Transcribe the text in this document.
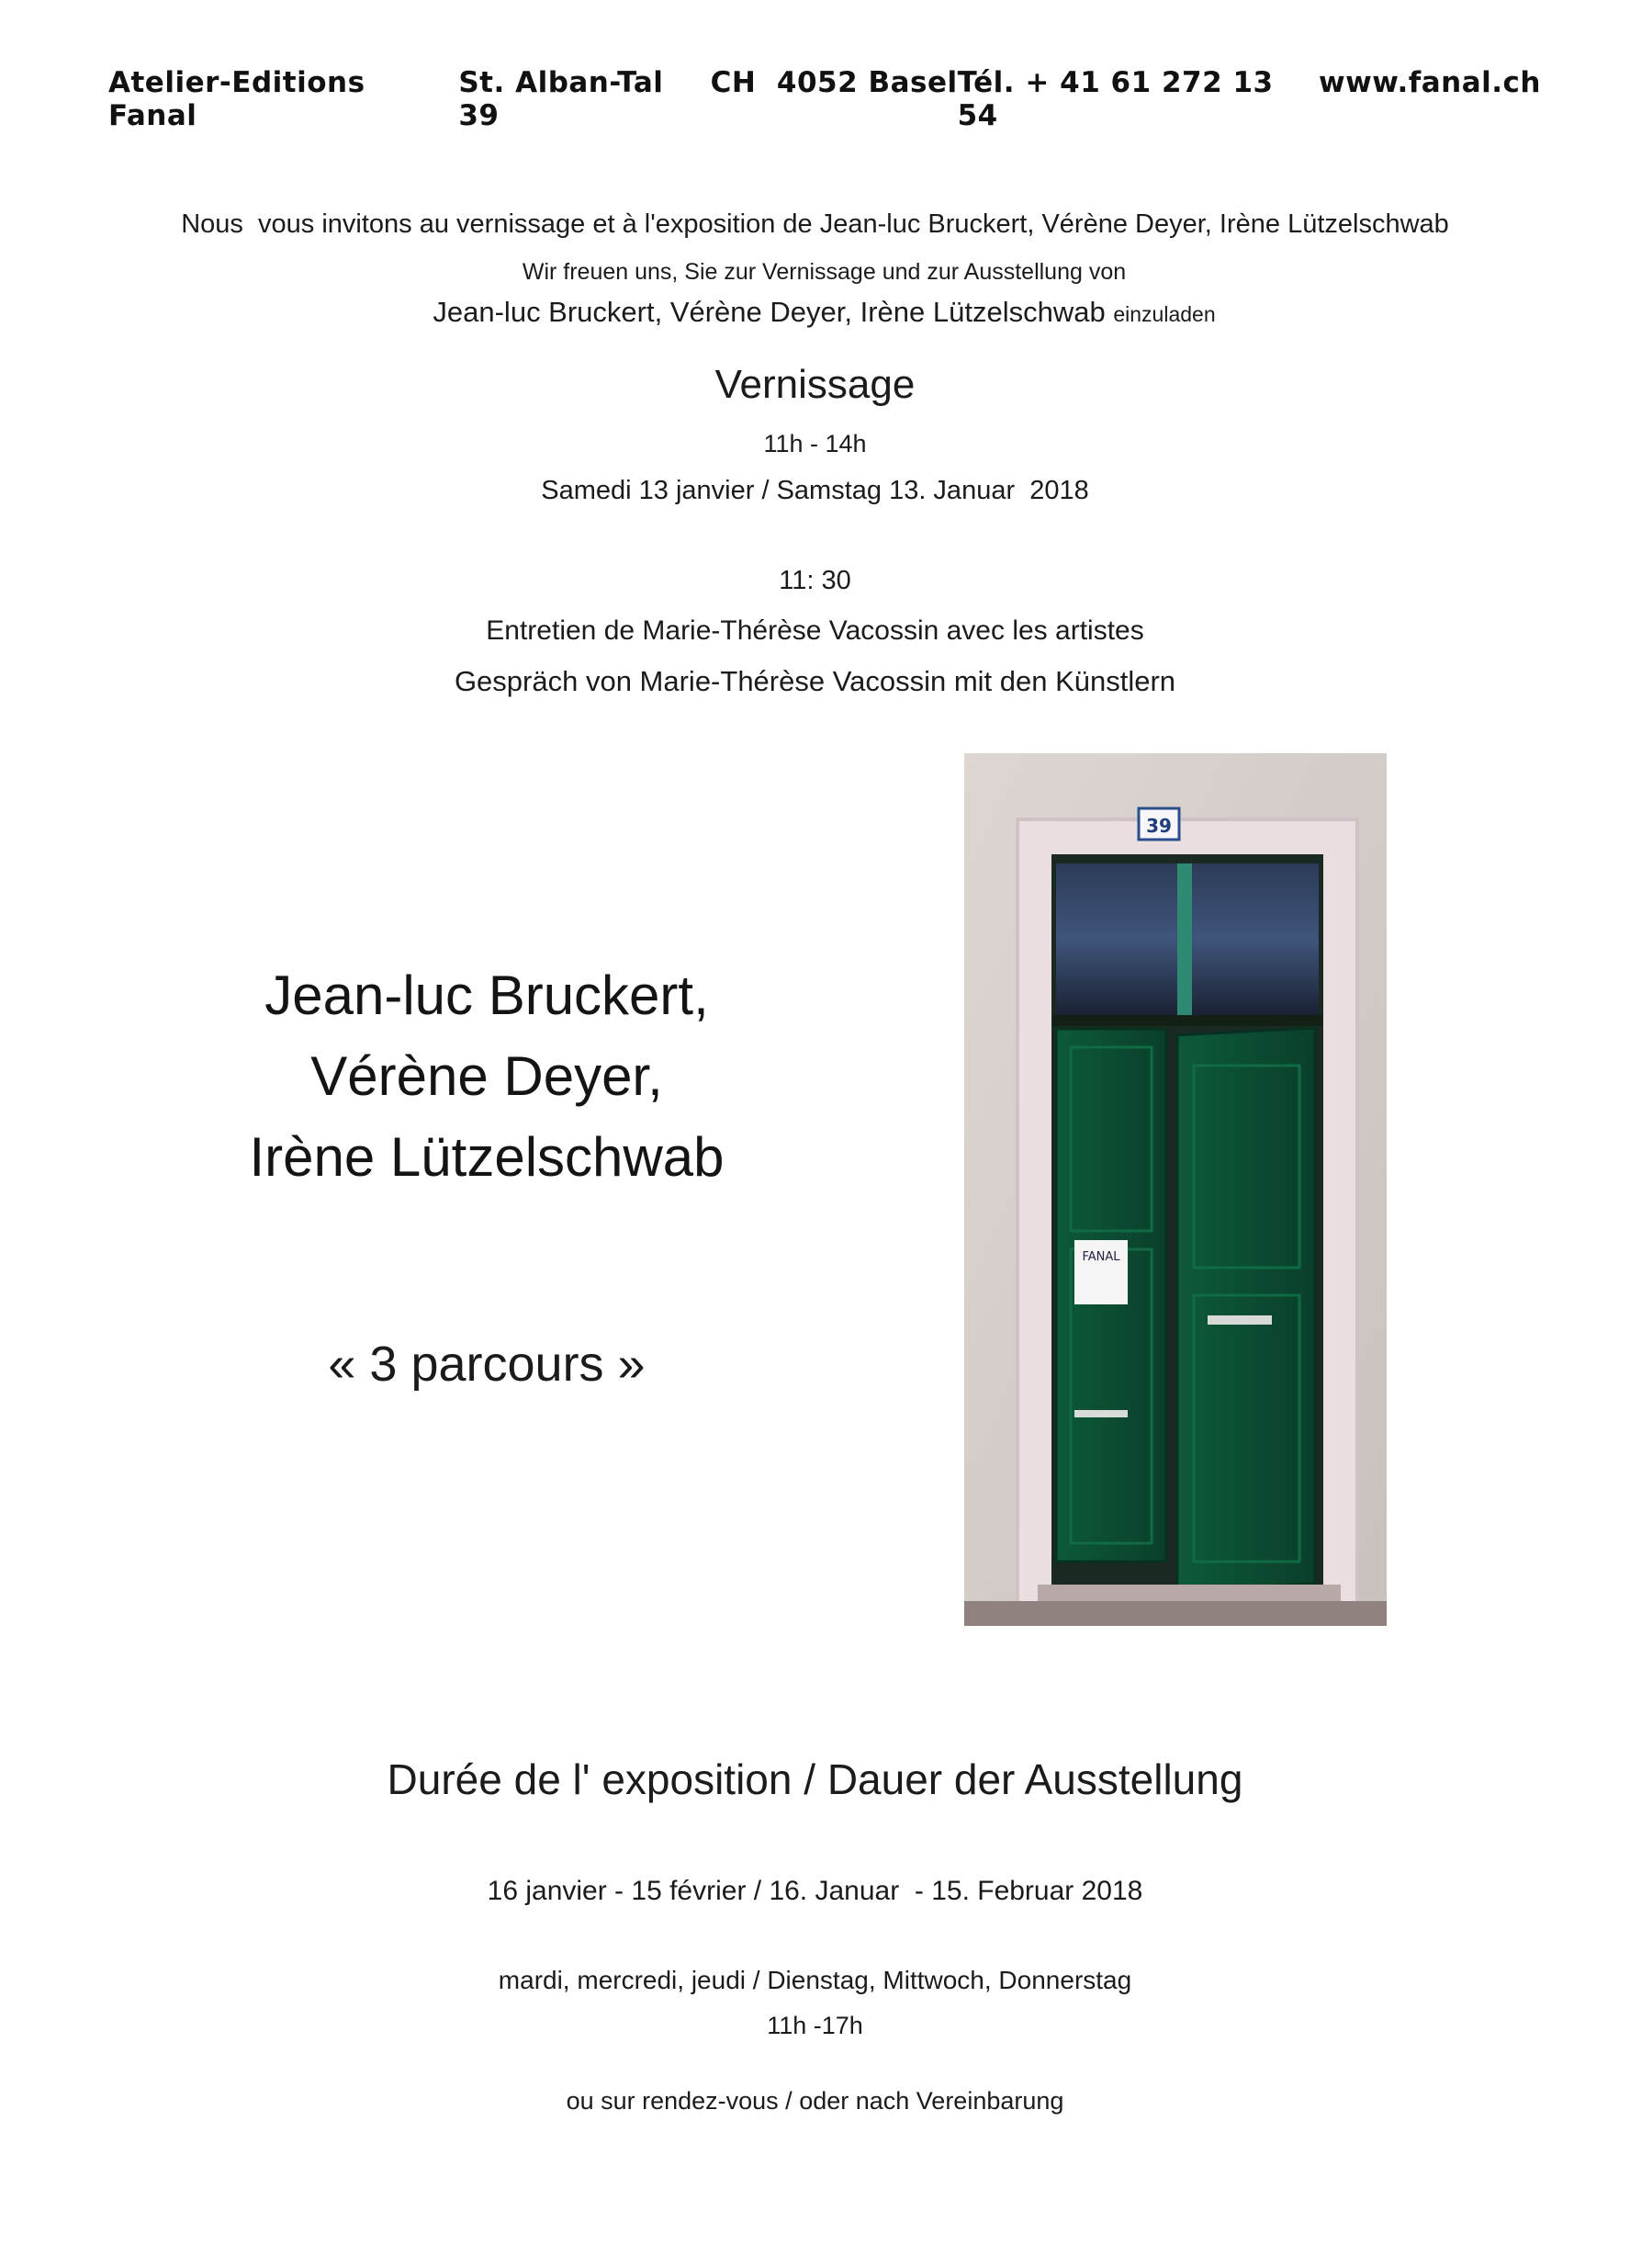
Atelier-Editions Fanal
St. Alban-Tal 39
CH  4052 Basel Tél. + 41 61 272 13 54
www.fanal.ch
Nous  vous invitons au vernissage et à l'exposition de Jean-luc Bruckert, Vérène Deyer, Irène Lützelschwab
Wir freuen uns, Sie zur Vernissage und zur Ausstellung von
Jean-luc Bruckert, Vérène Deyer, Irène Lützelschwab einzuladen
Vernissage
11h - 14h
Samedi 13 janvier / Samstag 13. Januar  2018
11: 30
Entretien de Marie-Thérèse Vacossin avec les artistes
Gespräch von Marie-Thérèse Vacossin mit den Künstlern
Jean-luc Bruckert,
Vérène Deyer,
Irène Lützelschwab
« 3 parcours »
FANAL
39
Durée de l' exposition / Dauer der Ausstellung
16 janvier - 15 février / 16. Januar  - 15. Februar 2018
mardi, mercredi, jeudi / Dienstag, Mittwoch, Donnerstag
11h -17h
ou sur rendez-vous / oder nach Vereinbarung
